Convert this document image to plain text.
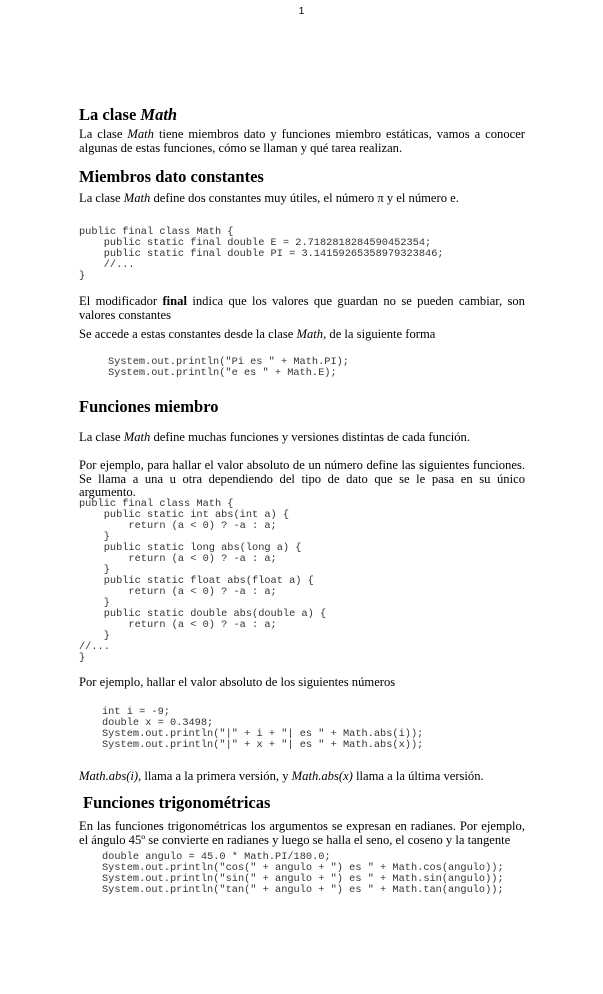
1
La clase Math

La clase Math tiene miembros dato y funciones miembro estáticas, vamos a conocer algunas de estas funciones, cómo se llaman y qué tarea realizan.

Miembros dato constantes

La clase Math define dos constantes muy útiles, el número π y el número e.

public final class Math {
public static final double E = 2.7182818284590452354;
public static final double PI = 3.14159265358979323846;
//...
}

El modificador final indica que los valores que guardan no se pueden cambiar, son valores constantes

Se accede a estas constantes desde la clase Math, de la siguiente forma

System.out.println("Pi es " + Math.PI);
System.out.println("e es " + Math.E);
Funciones miembro

La clase Math define muchas funciones y versiones distintas de cada función.

Por ejemplo, para hallar el valor absoluto de un número define las siguientes funciones. Se llama a una u otra dependiendo del tipo de dato que se le pasa en su único argumento.

public final class Math {
public static int abs(int a) {
return (a < 0) ? -a : a;
}
public static long abs(long a) {
return (a < 0) ? -a : a;
}
public static float abs(float a) {
return (a < 0) ? -a : a;
}
public static double abs(double a) {
return (a < 0) ? -a : a;
}
//...
}

Por ejemplo, hallar el valor absoluto de los siguientes números

int i = -9;
double x = 0.3498;
System.out.println("|" + i + "| es " + Math.abs(i));
System.out.println("|" + x + "| es " + Math.abs(x));

Math.abs(i), llama a la primera versión, y Math.abs(x) llama a la última versión.

Funciones trigonométricas

En las funciones trigonométricas los argumentos se expresan en radianes. Por ejemplo, el ángulo 45º se convierte en radianes y luego se halla el seno, el coseno y la tangente

double angulo = 45.0 * Math.PI/180.0;
System.out.println("cos(" + angulo + ") es " + Math.cos(angulo));
System.out.println("sin(" + angulo + ") es " + Math.sin(angulo));
System.out.println("tan(" + angulo + ") es " + Math.tan(angulo));
